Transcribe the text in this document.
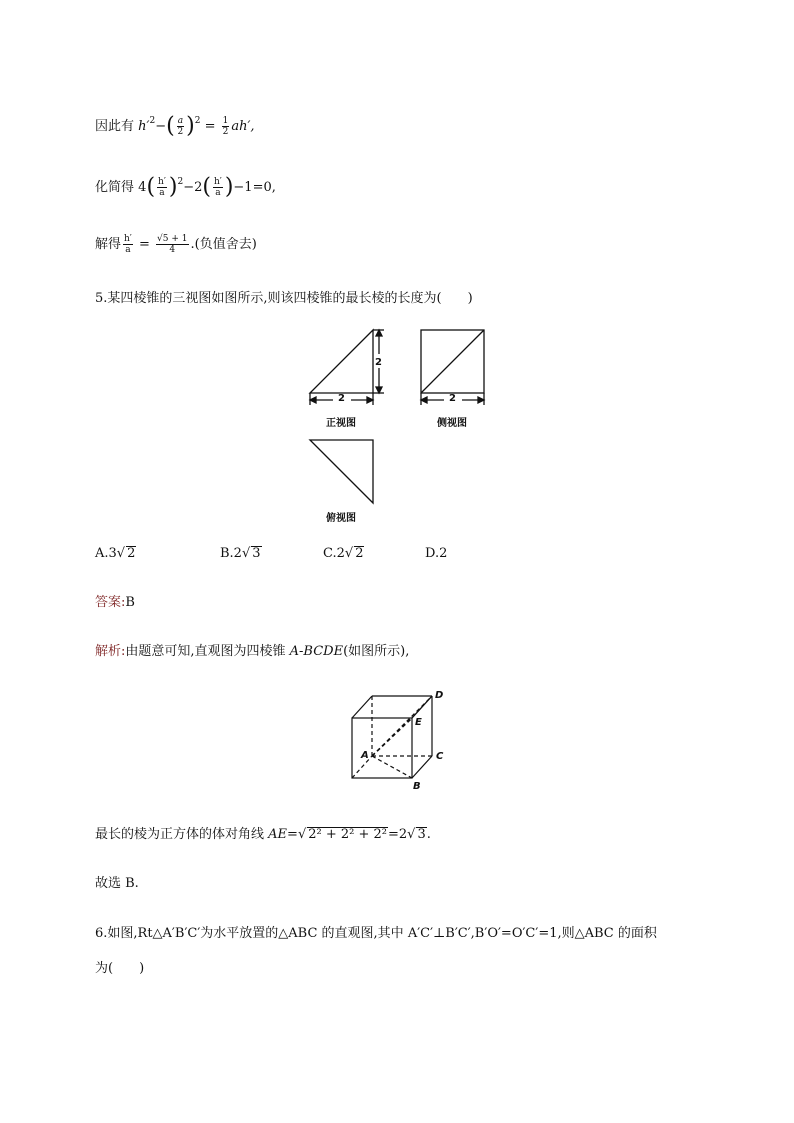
因此有 $h'^2-( \frac{a}{2} )^2 = \frac{1}{2} ah'$,
化简得 $4( \frac{h'}{a} )^2-2( \frac{h'}{a} )-1=0$,
解得 $\frac{h'}{a} = \frac{√5 + 1}{4}$ .(负值舍去)
5.某四棱锥的三视图如图所示,则该四棱锥的最长棱的长度为(　　)
2
2	2
正视图	侧视图
俯视图
A.3√ 2	B.2√ 3	C.2√ 2	D.2
答案:B
解析:由题意可知,直观图为四棱锥 A-BCDE(如图所示),
D
E
A	C
B
最长的棱为正方体的体对角线 AE=√ 2² + 2² + 2²=2√ 3.
故选 B.
6.如图,Rt△A′B′C′为水平放置的△ABC 的直观图,其中 A′C′⊥B′C′,B′O′=O′C′=1,则△ABC 的面积
为(　　)
